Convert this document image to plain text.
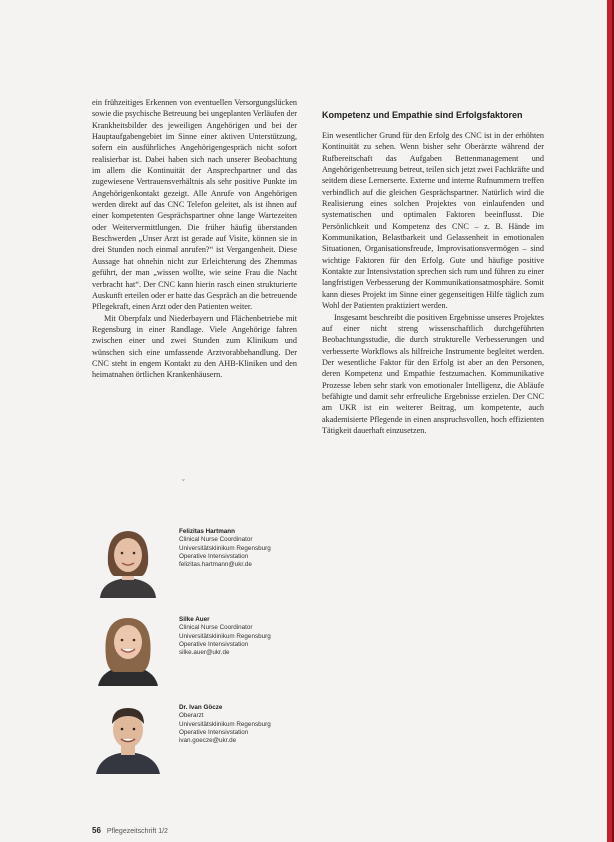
ein frühzeitiges Erkennen von eventuellen Versorgungslücken sowie die psychische Betreuung bei ungeplanten Verläufen der Krankheitsbilder des jeweiligen Angehörigen und bei der Hauptaufgabengebiet im Sinne einer aktiven Unterstützung, sofern ein ausführliches Angehörigengespräch nicht sofort realisierbar ist. Dabei haben sich nach unserer Beobachtung im allem die Kontinuität der Ansprechpartner und das zugewiesene Vertrauensverhältnis als sehr positive Punkte im Angehörigenkontakt gezeigt. Alle Anrufe von Angehörigen werden direkt auf das CNC Telefon geleitet, als ist ihnen auf einer kompetenten Gesprächspartner ohne lange Wartezeiten oder Weitervermittlungen. Die früher häufig überstanden Beschwerden „Unser Arzt ist gerade auf Visite, können sie in drei Stunden noch einmal anrufen?“ ist Vergangenheit. Diese Aussage hat ohnehin nicht zur Erleichterung des Zhemmas geführt, der man „wissen wollte, wie seine Frau die Nacht verbracht hat“. Der CNC kann hierin rasch einen strukturierte Auskunft erteilen oder er hatte das Gespräch an die betreuende Pflegekraft, einen Arzt oder den Patienten weiter.

Mit Oberpfalz und Niederbayern und Flächenbetriebe mit Regensburg in einer Randlage. Viele Angehörige fahren zwischen einer und zwei Stunden zum Klinikum und wünschen sich eine umfassende Arztvorabbehandlung. Der CNC steht in engem Kontakt zu den AHB-Kliniken und den heimatnahen örtlichen Krankenhäusern.

Kompetenz und Empathie sind Erfolgsfaktoren

Ein wesentlicher Grund für den Erfolg des CNC ist in der erhöhten Kontinuität zu sehen. Wenn bisher sehr Oberärzte während der Rufbereitschaft das Aufgaben Bettenmanagement und Angehörigenbetreuung betreut, teilen sich jetzt zwei Fachkräfte und seitdem diese Lernerserte. Externe und interne Rufnummern treffen verbindlich auf die gleichen Gesprächspartner. Natürlich wird die Realisierung eines solchen Projektes von einlaufenden und systematischen und optimalen Faktoren beeinflusst. Die Persönlichkeit und Kompetenz des CNC – z. B. Hände im Kommunikation, Belastbarkeit und Gelassenheit in emotionalen Situationen, Organisationsfreude, Improvisationsvermögen – sind wichtige Faktoren für den Erfolg. Gute und häufige positive Kontakte zur Intensivstation sprechen sich rum und führen zu einer langfristigen Verbesserung der Kommunikationsatmosphäre. Somit kann dieses Projekt im Sinne einer gegenseitigen Hilfe täglich zum Wohl der Patienten praktiziert werden.

Insgesamt beschreibt die positiven Ergebnisse unseres Projektes auf einer nicht streng wissenschaftlich durchgeführten Beobachtungsstudie, die durch strukturelle Verbesserungen und verbesserte Workflows als hilfreiche Instrumente begleitet werden. Der wesentliche Faktor für den Erfolg ist aber an den Personen, deren Kompetenz und Empathie festzumachen. Kommunikative Prozesse leben sehr stark von emotionaler Intelligenz, die Abläufe befähigte und damit sehr erfreuliche Ergebnisse erzielen. Der CNC am UKR ist ein weiterer Beitrag, um kompetente, auch akademisierte Pflegende in einen anspruchsvollen, hoch effizienten Tätigkeit dauerhaft einzusetzen.

ˇ
Felizitas Hartmann
Clinical Nurse Coordinator
Universitätsklinikum Regensburg
Operative Intensivstation
felizitas.hartmann@ukr.de
Silke Auer
Clinical Nurse Coordinator
Universitätsklinikum Regensburg
Operative Intensivstation
silke.auer@ukr.de
Dr. Ivan Göcze
Oberarzt
Universitätsklinikum Regensburg
Operative Intensivstation
ivan.goecze@ukr.de
56 Pflegezeitschrift 1/2
